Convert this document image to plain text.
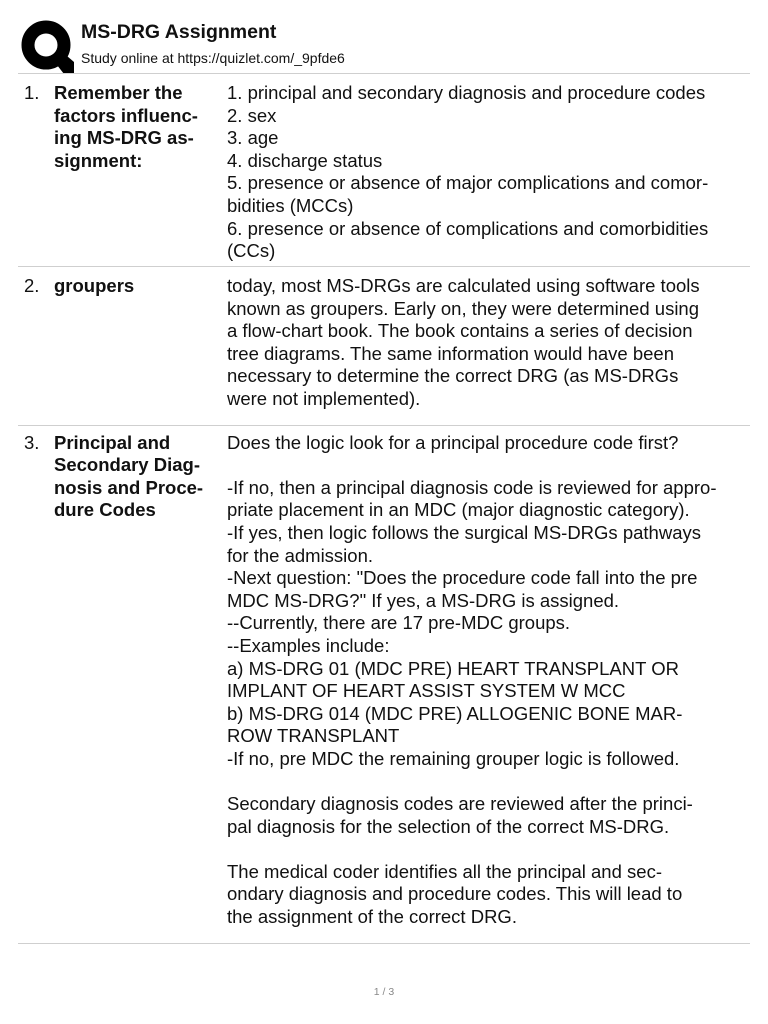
MS-DRG Assignment
Study online at https://quizlet.com/_9pfde6
1. Remember the
factors influenc-
ing MS-DRG as-
signment:
1. principal and secondary diagnosis and procedure codes
2. sex
3. age
4. discharge status
5. presence or absence of major complications and comor-
bidities (MCCs)
6. presence or absence of complications and comorbidities
(CCs)
2. groupers	today, most MS-DRGs are calculated using software tools
known as groupers. Early on, they were determined using
a flow-chart book. The book contains a series of decision
tree diagrams. The same information would have been
necessary to determine the correct DRG (as MS-DRGs
were not implemented).
3. Principal and
Secondary Diag-
nosis and Proce-
dure Codes
Does the logic look for a principal procedure code first?

-If no, then a principal diagnosis code is reviewed for appro-
priate placement in an MDC (major diagnostic category).
-If yes, then logic follows the surgical MS-DRGs pathways
for the admission.
-Next question: "Does the procedure code fall into the pre
MDC MS-DRG?" If yes, a MS-DRG is assigned.
--Currently, there are 17 pre-MDC groups.
--Examples include:
a) MS-DRG 01 (MDC PRE) HEART TRANSPLANT OR
IMPLANT OF HEART ASSIST SYSTEM W MCC
b) MS-DRG 014 (MDC PRE) ALLOGENIC BONE MAR-
ROW TRANSPLANT
-If no, pre MDC the remaining grouper logic is followed.

Secondary diagnosis codes are reviewed after the princi-
pal diagnosis for the selection of the correct MS-DRG.

The medical coder identifies all the principal and sec-
ondary diagnosis and procedure codes. This will lead to
the assignment of the correct DRG.
1 / 3
